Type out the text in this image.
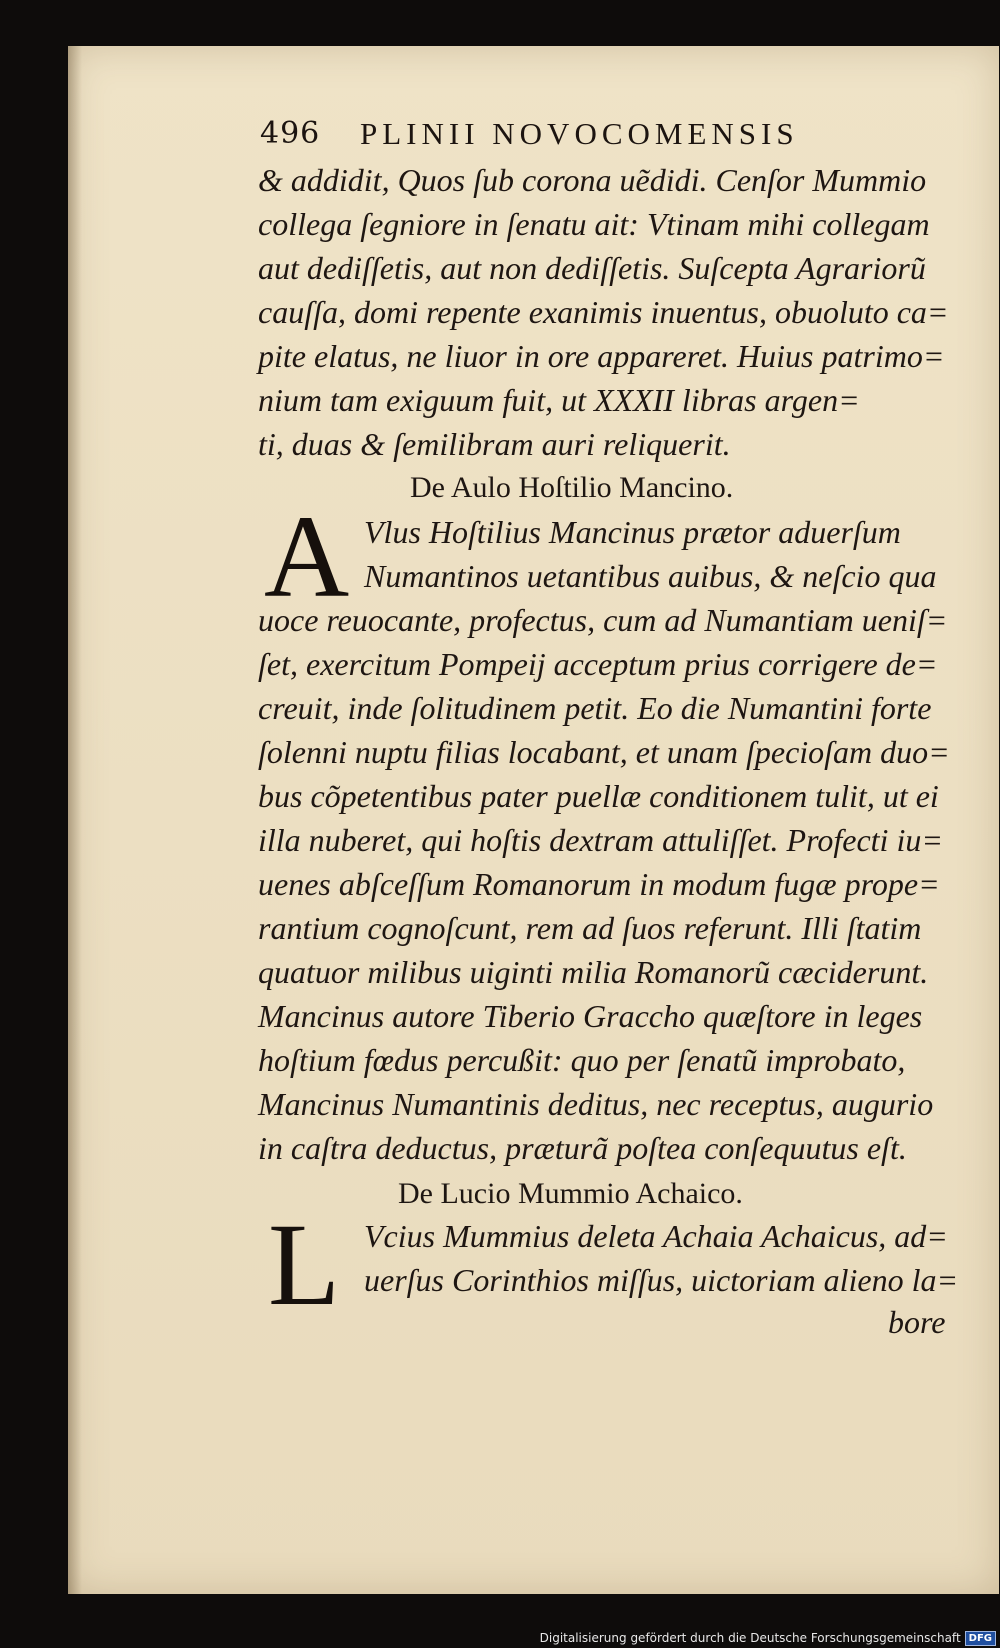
496 PLINII NOVOCOMENSIS
& addidit, Quos ſub corona uẽdidi. Cenſor Mummio
collega ſegniore in ſenatu ait: Vtinam mihi collegam
aut dediſſetis, aut non dediſſetis. Suſcepta Agrariorũ
cauſſa, domi repente exanimis inuentus, obuoluto ca=
pite elatus, ne liuor in ore appareret. Huius patrimo=
nium tam exiguum fuit, ut XXXII libras argen=
ti, duas & ſemilibram auri reliquerit.
De Aulo Hoſtilio Mancino.
A Vlus Hoſtilius Mancinus prætor aduerſum
Numantinos uetantibus auibus, & neſcio qua
uoce reuocante, profectus, cum ad Numantiam ueniſ=
ſet, exercitum Pompeij acceptum prius corrigere de=
creuit, inde ſolitudinem petit. Eo die Numantini forte
ſolenni nuptu filias locabant, et unam ſpecioſam duo=
bus cõpetentibus pater puellæ conditionem tulit, ut ei
illa nuberet, qui hoſtis dextram attuliſſet. Profecti iu=
uenes abſceſſum Romanorum in modum fugæ prope=
rantium cognoſcunt, rem ad ſuos referunt. Illi ſtatim
quatuor milibus uiginti milia Romanorũ cæciderunt.
Mancinus autore Tiberio Graccho quæſtore in leges
hoſtium fœdus percußit: quo per ſenatũ improbato,
Mancinus Numantinis deditus, nec receptus, augurio
in caſtra deductus, præturã poſtea conſequutus eſt.
De Lucio Mummio Achaico.
L Vcius Mummius deleta Achaia Achaicus, ad=
uerſus Corinthios miſſus, uictoriam alieno la=
bore
Digitalisierung gefördert durch die Deutsche Forschungsgemeinschaft DFG
